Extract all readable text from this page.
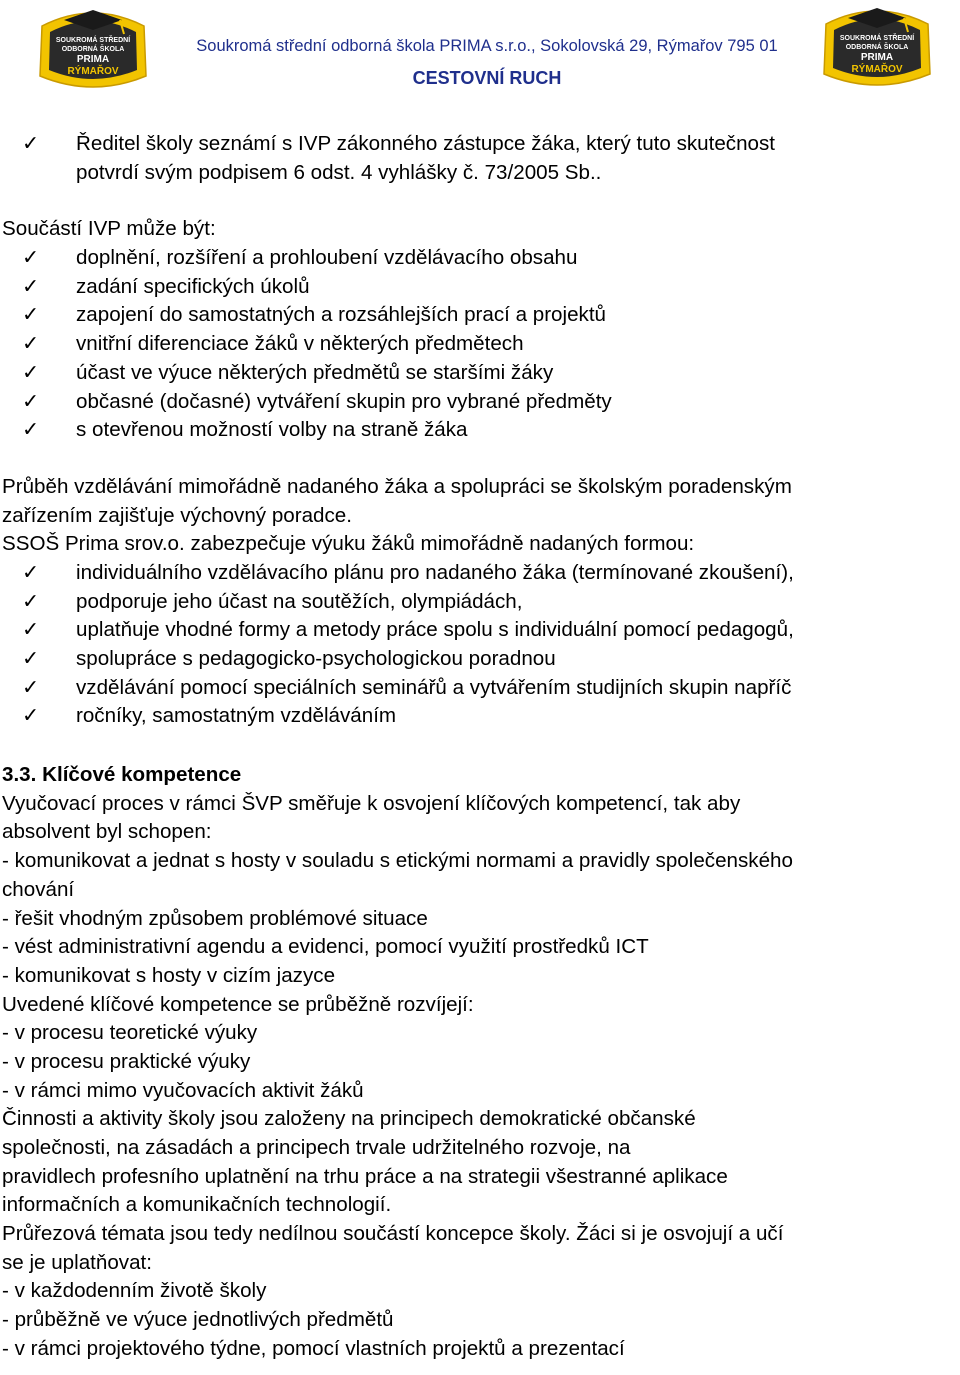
SOUKROMÁ STŘEDNÍ
ODBORNÁ ŠKOLA
PRIMA
RÝMAŘOV
Soukromá střední odborná škola PRIMA s.r.o., Sokolovská 29, Rýmařov 795 01
CESTOVNÍ RUCH
SOUKROMÁ STŘEDNÍ
ODBORNÁ ŠKOLA
PRIMA
RÝMAŘOV
✓ Ředitel školy seznámí s IVP zákonného zástupce žáka, který tuto skutečnost
potvrdí svým podpisem 6 odst. 4 vyhlášky č. 73/2005 Sb..
Součástí IVP může být:
✓ doplnění, rozšíření a prohloubení vzdělávacího obsahu
✓ zadání specifických úkolů
✓ zapojení do samostatných a rozsáhlejších prací a projektů
✓ vnitřní diferenciace žáků v některých předmětech
✓ účast ve výuce některých předmětů se staršími žáky
✓ občasné (dočasné) vytváření skupin pro vybrané předměty
✓ s otevřenou možností volby na straně žáka
Průběh vzdělávání mimořádně nadaného žáka a spolupráci se školským poradenským
zařízením zajišťuje výchovný poradce.
SSOŠ Prima srov.o. zabezpečuje výuku žáků mimořádně nadaných formou:
✓ individuálního vzdělávacího plánu pro nadaného žáka (termínované zkoušení),
✓ podporuje jeho účast na soutěžích, olympiádách,
✓ uplatňuje vhodné formy a metody práce spolu s individuální pomocí pedagogů,
✓ spolupráce s pedagogicko-psychologickou poradnou
✓ vzdělávání pomocí speciálních seminářů a vytvářením studijních skupin napříč
✓ ročníky, samostatným vzděláváním
3.3. Klíčové kompetence
Vyučovací proces v rámci ŠVP směřuje k osvojení klíčových kompetencí, tak aby
absolvent byl schopen:
- komunikovat a jednat s hosty v souladu s etickými normami a pravidly společenského
chování
- řešit vhodným způsobem problémové situace
- vést administrativní agendu a evidenci, pomocí využití prostředků ICT
- komunikovat s hosty v cizím jazyce
Uvedené klíčové kompetence se průběžně rozvíjejí:
- v procesu teoretické výuky
- v procesu praktické výuky
- v rámci mimo vyučovacích aktivit žáků
Činnosti a aktivity školy jsou založeny na principech demokratické občanské
společnosti, na zásadách a principech trvale udržitelného rozvoje, na
pravidlech profesního uplatnění na trhu práce a na strategii všestranné aplikace
informačních a komunikačních technologií.
Průřezová témata jsou tedy nedílnou součástí koncepce školy. Žáci si je osvojují a učí
se je uplatňovat:
- v každodenním životě školy
- průběžně ve výuce jednotlivých předmětů
- v rámci projektového týdne, pomocí vlastních projektů a prezentací
